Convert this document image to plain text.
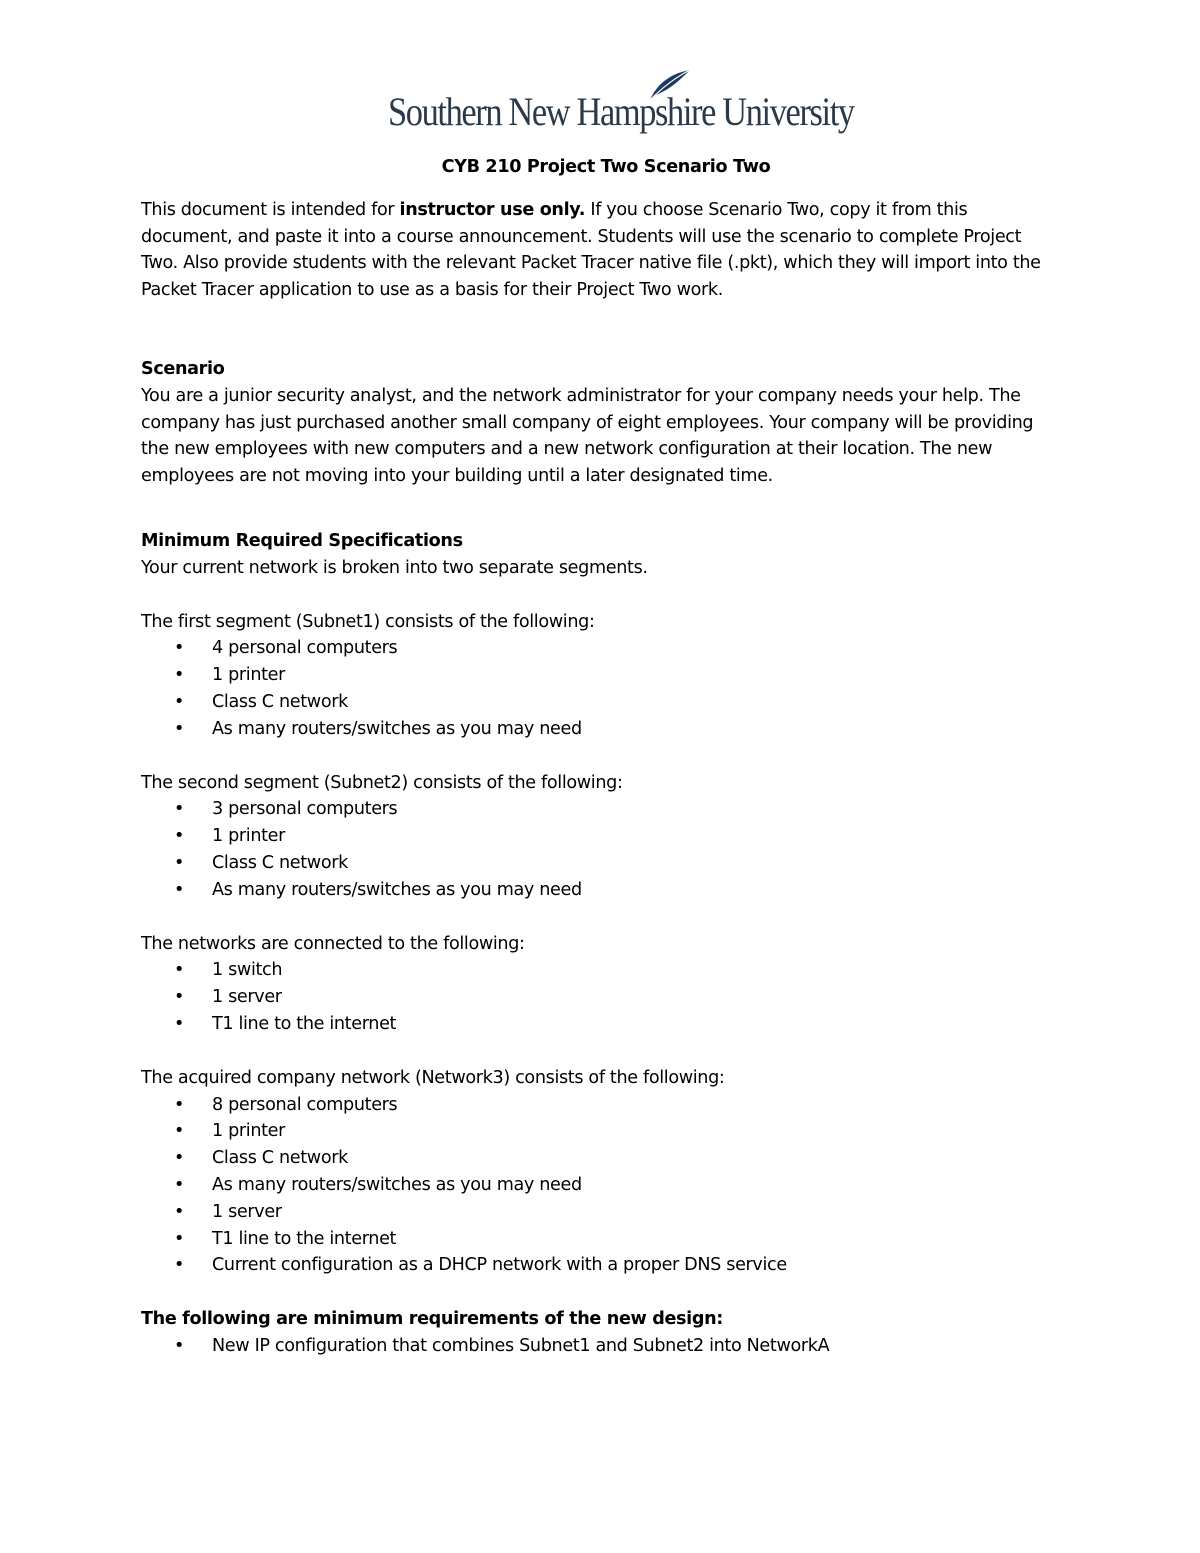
Southern New Hampshire University

CYB 210 Project Two Scenario Two

This document is intended for instructor use only. If you choose Scenario Two, copy it from this document, and paste it into a course announcement. Students will use the scenario to complete Project Two. Also provide students with the relevant Packet Tracer native file (.pkt), which they will import into the Packet Tracer application to use as a basis for their Project Two work.

Scenario

You are a junior security analyst, and the network administrator for your company needs your help. The company has just purchased another small company of eight employees. Your company will be providing the new employees with new computers and a new network configuration at their location. The new employees are not moving into your building until a later designated time.

Minimum Required Specifications

Your current network is broken into two separate segments.

The first segment (Subnet1) consists of the following:

• 4 personal computers
• 1 printer
• Class C network
• As many routers/switches as you may need

The second segment (Subnet2) consists of the following:

• 3 personal computers
• 1 printer
• Class C network
• As many routers/switches as you may need

The networks are connected to the following:

• 1 switch
• 1 server
• T1 line to the internet

The acquired company network (Network3) consists of the following:

• 8 personal computers
• 1 printer
• Class C network
• As many routers/switches as you may need
• 1 server
• T1 line to the internet
• Current configuration as a DHCP network with a proper DNS service

The following are minimum requirements of the new design:

• New IP configuration that combines Subnet1 and Subnet2 into NetworkA
